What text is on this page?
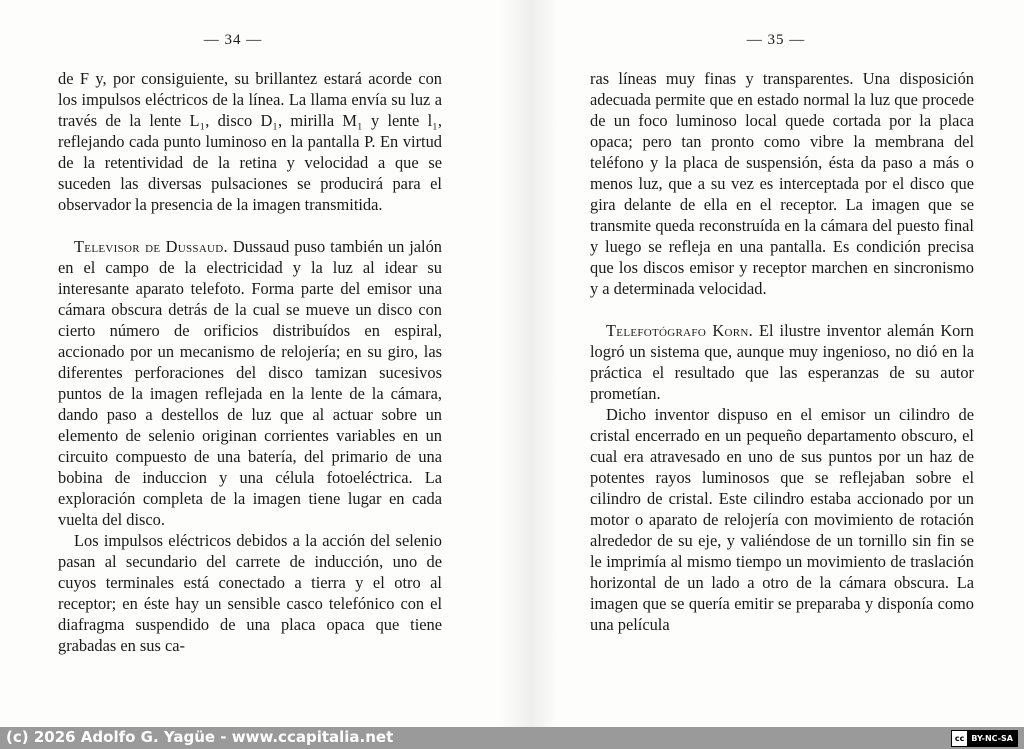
— 34 —

de F y, por consiguiente, su brillantez estará acorde con los impulsos eléctricos de la línea. La llama envía su luz a través de la lente L₁, disco D₁, mirilla M₁ y lente l₁, reflejando cada punto luminoso en la pantalla P. En virtud de la retentividad de la retina y velocidad a que se suceden las diversas pulsaciones se producirá para el observador la presencia de la imagen transmitida.

Televisor de Dussaud. Dussaud puso también un jalón en el campo de la electricidad y la luz al idear su interesante aparato telefoto. Forma parte del emisor una cámara obscura detrás de la cual se mueve un disco con cierto número de orificios distribuídos en espiral, accionado por un mecanismo de relojería; en su giro, las diferentes perforaciones del disco tamizan sucesivos puntos de la imagen reflejada en la lente de la cámara, dando paso a destellos de luz que al actuar sobre un elemento de selenio originan corrientes variables en un circuito compuesto de una batería, del primario de una bobina de induccion y una célula fotoeléctrica. La exploración completa de la imagen tiene lugar en cada vuelta del disco.

Los impulsos eléctricos debidos a la acción del selenio pasan al secundario del carrete de inducción, uno de cuyos terminales está conectado a tierra y el otro al receptor; en éste hay un sensible casco telefónico con el diafragma suspendido de una placa opaca que tiene grabadas en sus ca-

— 35 —

ras líneas muy finas y transparentes. Una disposición adecuada permite que en estado normal la luz que procede de un foco luminoso local quede cortada por la placa opaca; pero tan pronto como vibre la membrana del teléfono y la placa de suspensión, ésta da paso a más o menos luz, que a su vez es interceptada por el disco que gira delante de ella en el receptor. La imagen que se transmite queda reconstruída en la cámara del puesto final y luego se refleja en una pantalla. Es condición precisa que los discos emisor y receptor marchen en sincronismo y a determinada velocidad.

Telefotógrafo Korn. El ilustre inventor alemán Korn logró un sistema que, aunque muy ingenioso, no dió en la práctica el resultado que las esperanzas de su autor prometían.

Dicho inventor dispuso en el emisor un cilindro de cristal encerrado en un pequeño departamento obscuro, el cual era atravesado en uno de sus puntos por un haz de potentes rayos luminosos que se reflejaban sobre el cilindro de cristal. Este cilindro estaba accionado por un motor o aparato de relojería con movimiento de rotación alrededor de su eje, y valiéndose de un tornillo sin fin se le imprimía al mismo tiempo un movimiento de traslación horizontal de un lado a otro de la cámara obscura. La imagen que se quería emitir se preparaba y disponía como una película

(c) 2026 Adolfo G. Yagüe - www.ccapitalia.net	cc BY-NC-SA
